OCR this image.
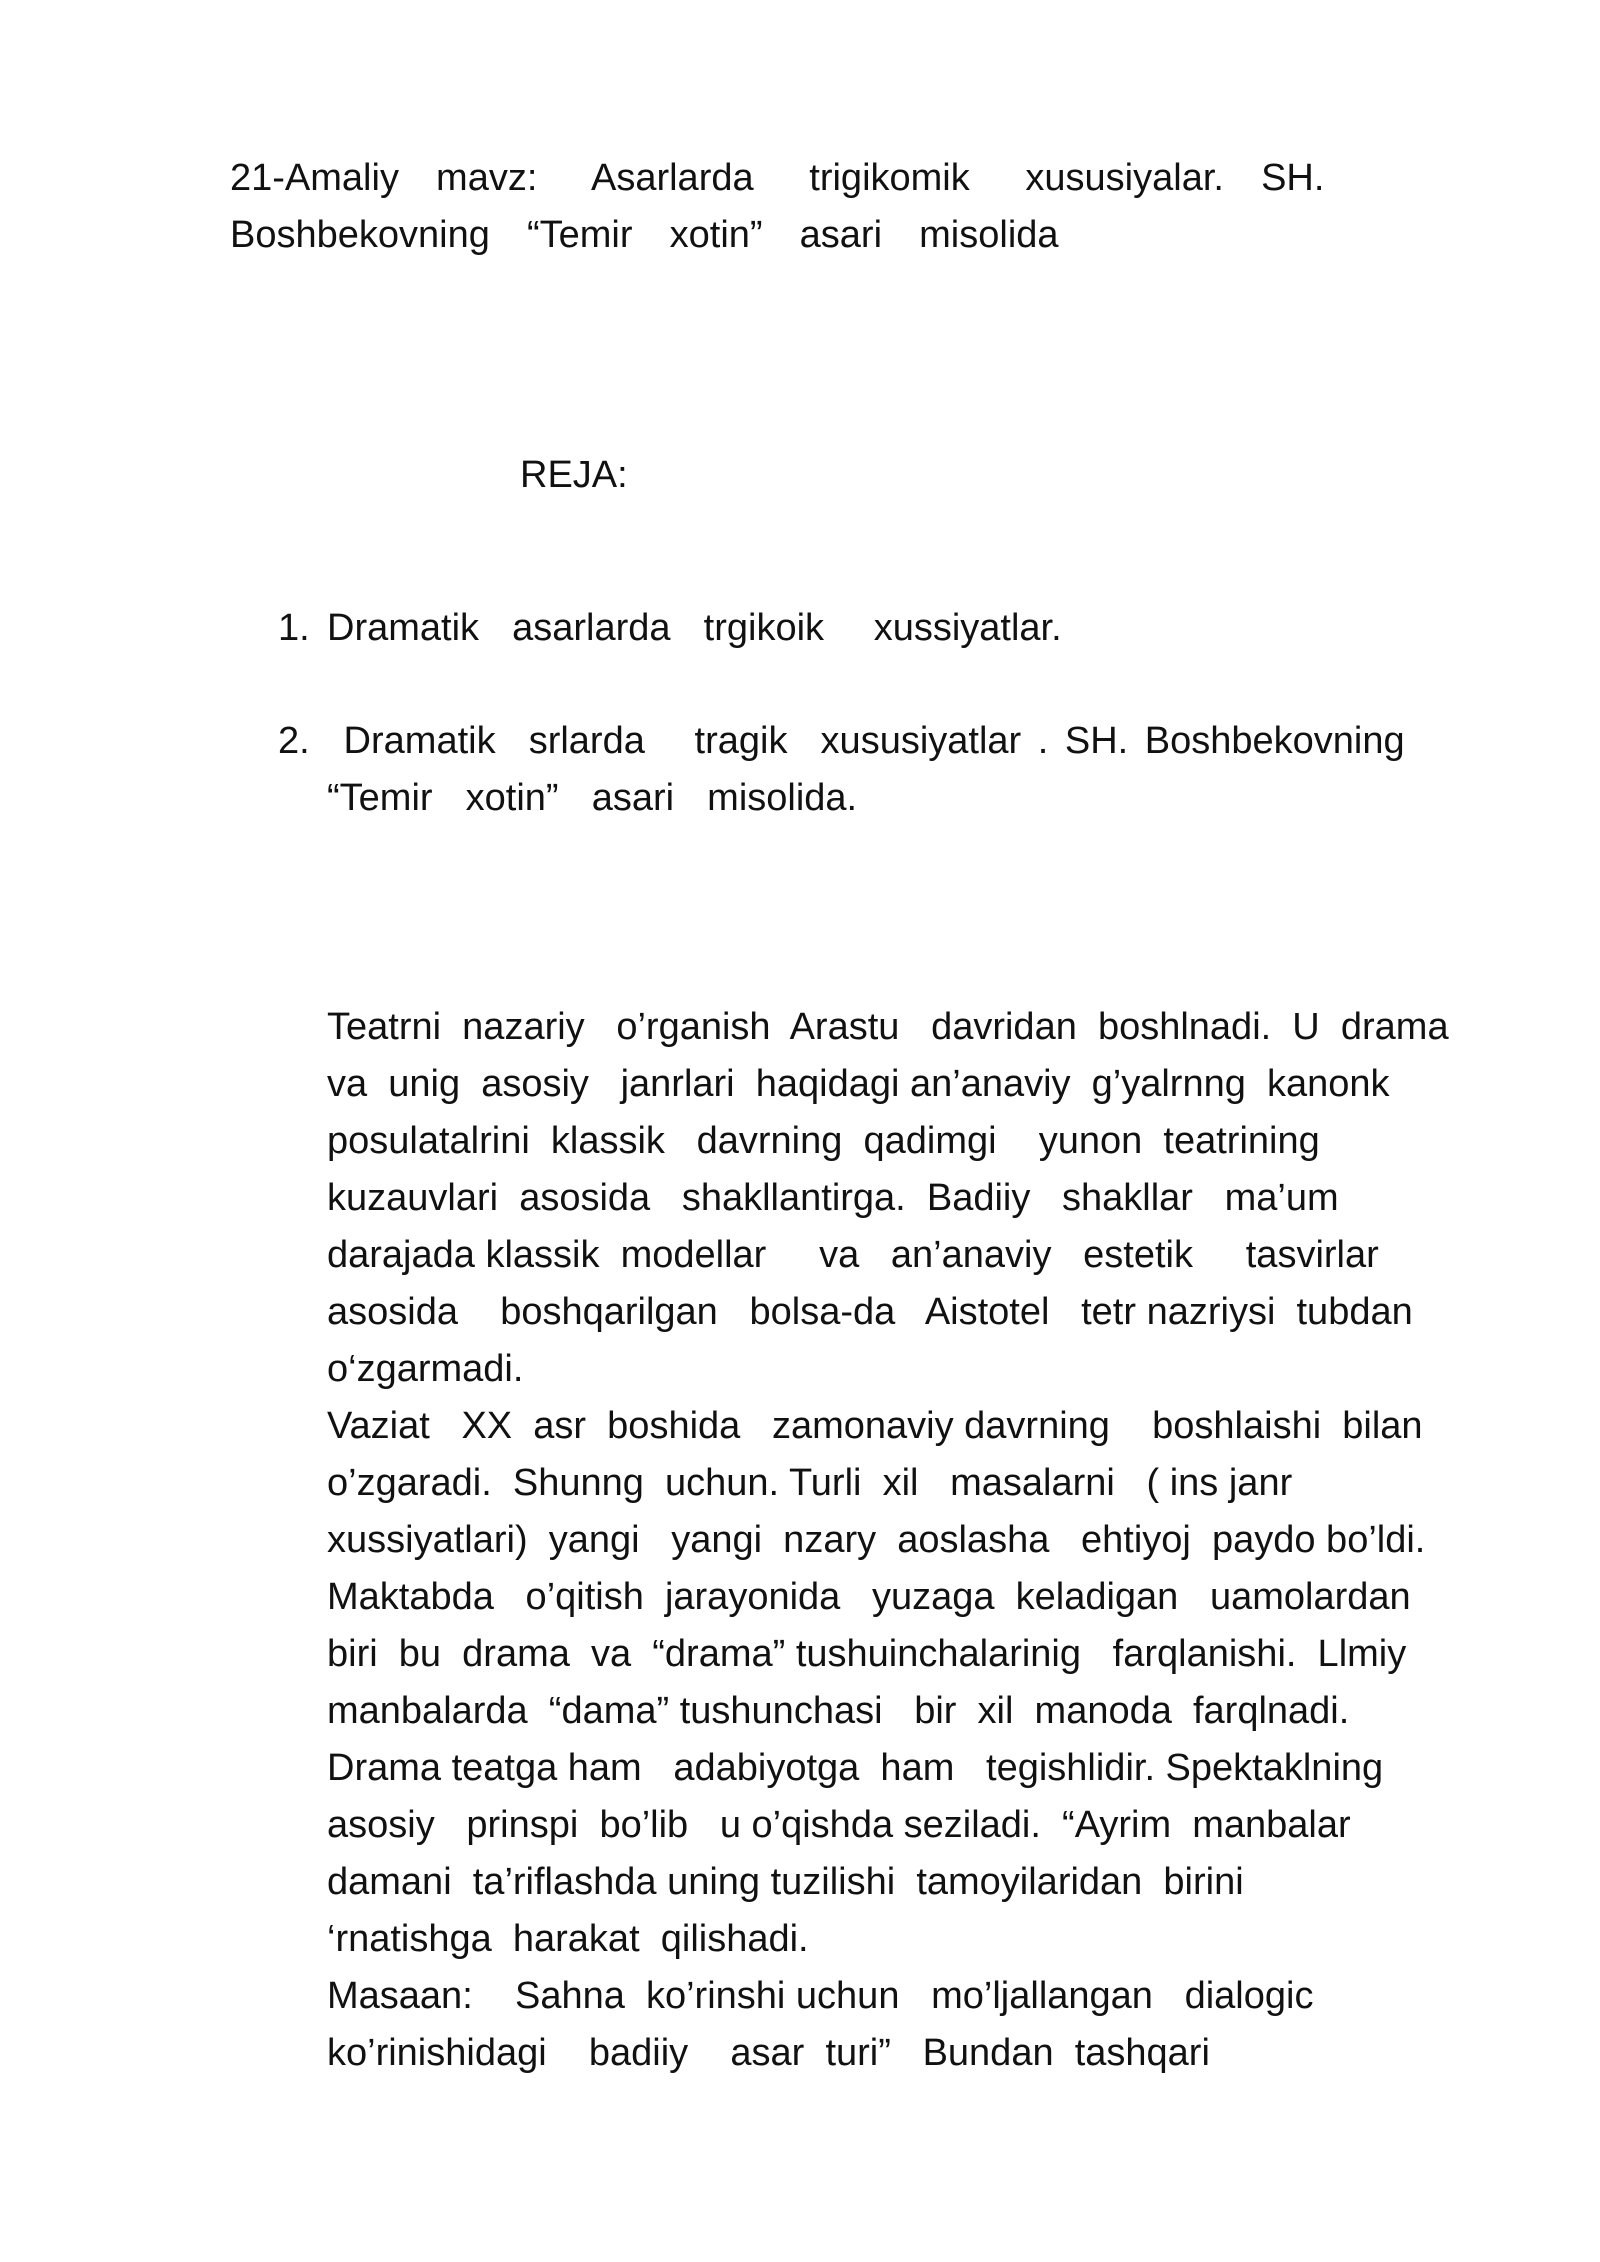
21-Amaliy  mavz:   Asarlarda   trigikomik   xususiyalar.  SH.
Boshbekovning  “Temir  xotin”  asari  misolida
REJA:
1. Dramatik  asarlarda  trgikoik   xussiyatlar.
2. Dramatik  srlarda   tragik  xususiyatlar . SH. Boshbekovning
“Temir  xotin”  asari  misolida.
Teatrni  nazariy   o’rganish  Arastu   davridan  boshlnadi.  U  drama
va  unig  asosiy   janrlari  haqidagi an’anaviy  g’yalrnng  kanonk
posulatalrini  klassik   davrning  qadimgi    yunon  teatrining
kuzauvlari  asosida   shakllantirga.  Badiiy   shakllar   ma’um
darajada klassik  modellar     va   an’anaviy   estetik     tasvirlar
asosida    boshqarilgan   bolsa-da   Aistotel   tetr nazriysi  tubdan
o‘zgarmadi.
Vaziat   XX  asr  boshida   zamonaviy davrning    boshlaishi  bilan
o’zgaradi.  Shunng  uchun. Turli  xil   masalarni   ( ins janr
xussiyatlari)  yangi   yangi  nzary  aoslasha   ehtiyoj  paydo bo’ldi.
Maktabda   o’qitish  jarayonida   yuzaga  keladigan   uamolardan
biri  bu  drama  va  “drama” tushuinchalarinig   farqlanishi.  Llmiy
manbalarda  “dama” tushunchasi   bir  xil  manoda  farqlnadi.
Drama teatga ham   adabiyotga  ham   tegishlidir. Spektaklning
asosiy   prinspi  bo’lib   u o’qishda seziladi.  “Ayrim  manbalar
damani  ta’riflashda uning tuzilishi  tamoyilaridan  birini
‘rnatishga  harakat  qilishadi.
Masaan:    Sahna  ko’rinshi uchun   mo’ljallangan   dialogic
ko’rinishidagi    badiiy    asar  turi”   Bundan  tashqari
